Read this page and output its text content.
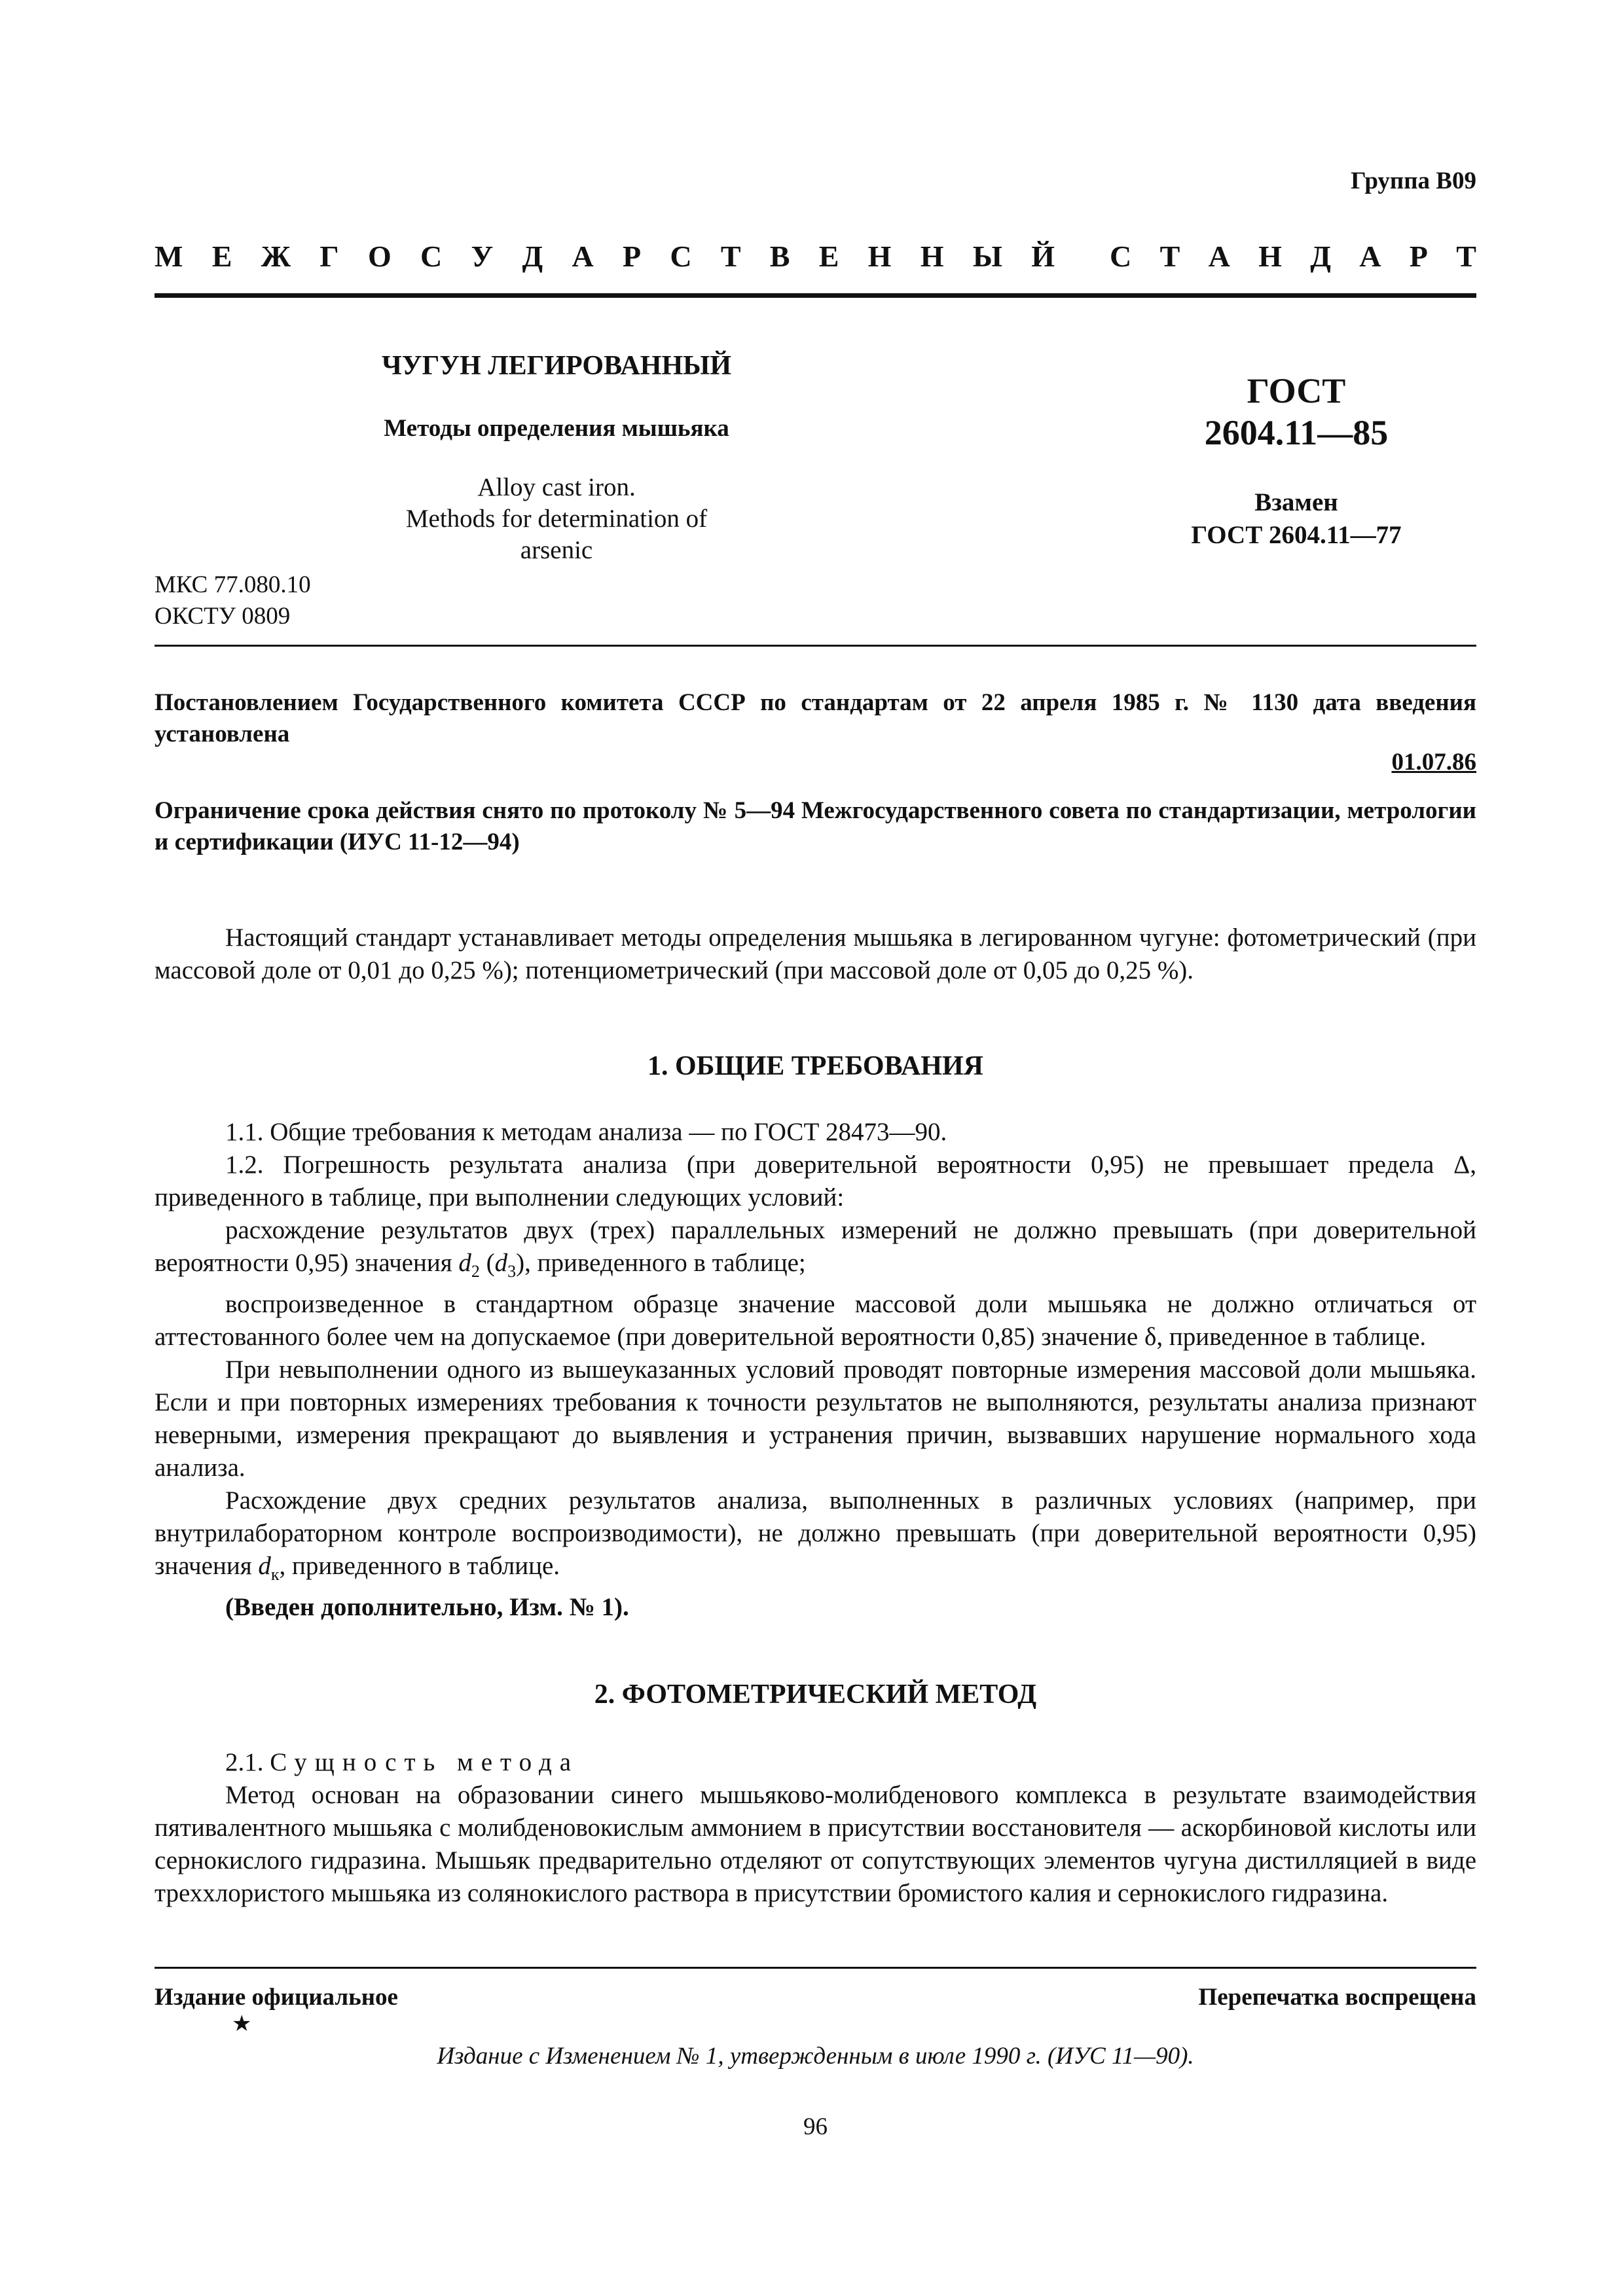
Группа В09
М Е Ж Г О С У Д А Р С Т В Е Н Н Ы Й С Т А Н Д А Р Т
ЧУГУН ЛЕГИРОВАННЫЙ
Методы определения мышьяка
Alloy cast iron.
Methods for determination of arsenic
ГОСТ
2604.11—85
Взамен
ГОСТ 2604.11—77
МКС 77.080.10
ОКСТУ 0809
Постановлением Государственного комитета СССР по стандартам от 22 апреля 1985 г. № 1130 дата введения установлена
01.07.86
Ограничение срока действия снято по протоколу № 5—94 Межгосударственного совета по стандартизации, метрологии и сертификации (ИУС 11-12—94)
Настоящий стандарт устанавливает методы определения мышьяка в легированном чугуне: фотометрический (при массовой доле от 0,01 до 0,25 %); потенциометрический (при массовой доле от 0,05 до 0,25 %).
1. ОБЩИЕ ТРЕБОВАНИЯ
1.1. Общие требования к методам анализа — по ГОСТ 28473—90.
1.2. Погрешность результата анализа (при доверительной вероятности 0,95) не превышает предела Δ, приведенного в таблице, при выполнении следующих условий:
расхождение результатов двух (трех) параллельных измерений не должно превышать (при доверительной вероятности 0,95) значения $d_2$ $(d_3)$, приведенного в таблице;
воспроизведенное в стандартном образце значение массовой доли мышьяка не должно отличаться от аттестованного более чем на допускаемое (при доверительной вероятности 0,85) значение δ, приведенное в таблице.
При невыполнении одного из вышеуказанных условий проводят повторные измерения массовой доли мышьяка. Если и при повторных измерениях требования к точности результатов не выполняются, результаты анализа признают неверными, измерения прекращают до выявления и устранения причин, вызвавших нарушение нормального хода анализа.
Расхождение двух средних результатов анализа, выполненных в различных условиях (например, при внутрилабораторном контроле воспроизводимости), не должно превышать (при доверительной вероятности 0,95) значения $d_к$, приведенного в таблице.
(Введен дополнительно, Изм. № 1).
2. ФОТОМЕТРИЧЕСКИЙ МЕТОД
2.1. Сущность метода
Метод основан на образовании синего мышьяково-молибденового комплекса в результате взаимодействия пятивалентного мышьяка с молибденовокислым аммонием в присутствии восстановителя — аскорбиновой кислоты или сернокислого гидразина. Мышьяк предварительно отделяют от сопутствующих элементов чугуна дистилляцией в виде треххлористого мышьяка из солянокислого раствора в присутствии бромистого калия и сернокислого гидразина.
Издание официальное	Перепечатка воспрещена
★
Издание с Изменением № 1, утвержденным в июле 1990 г. (ИУС 11—90).
96
